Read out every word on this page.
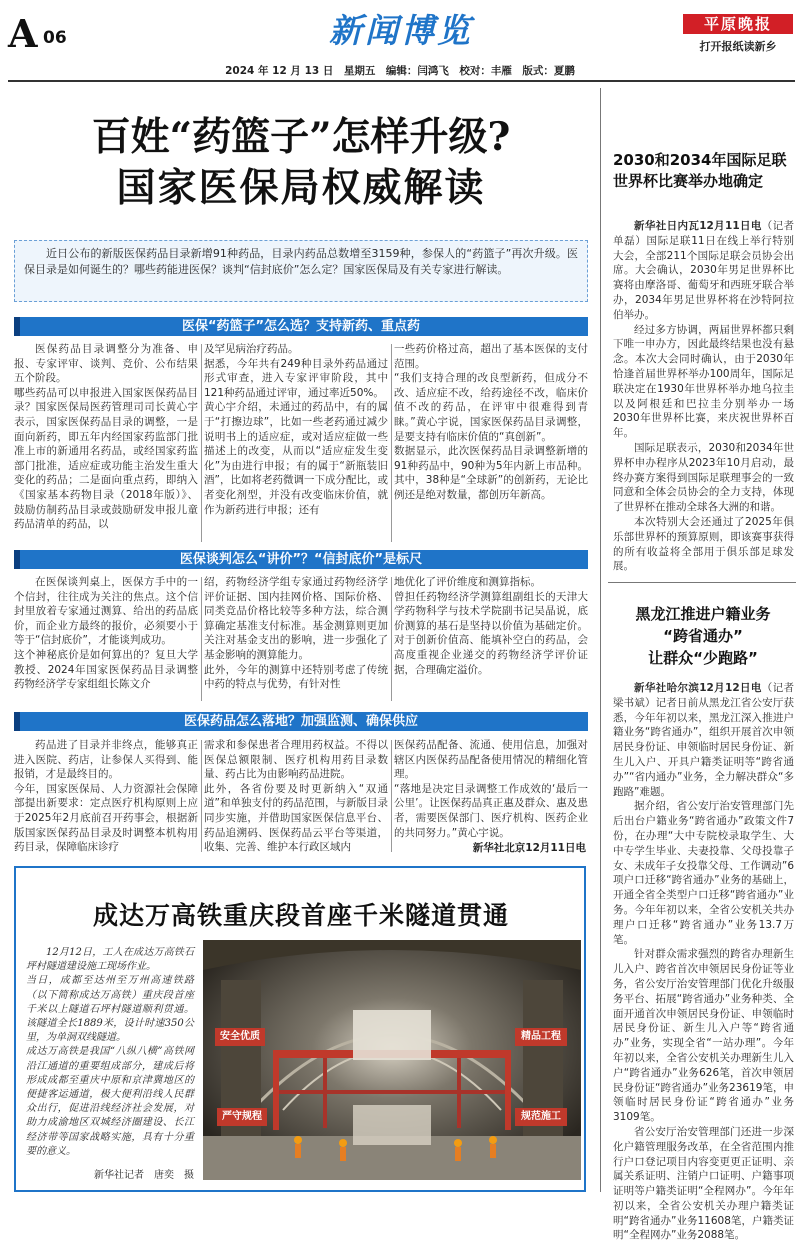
A 06	新闻博览	平原晚报
打开报纸读新乡
2024 年 12 月 13 日　星期五　编辑：闫鸿飞　校对：丰雁　版式：夏鹏
百姓“药篮子”怎样升级?
国家医保局权威解读
近日公布的新版医保药品目录新增91种药品，目录内药品总数增至3159种，参保人的“药篮子”再次升级。医保目录是如何诞生的？哪些药能进医保？谈判“信封底价”怎么定？国家医保局及有关专家进行解读。
医保“药篮子”怎么选？支持新药、重点药
医保药品目录调整分为准备、申报、专家评审、谈判、竞价、公布结果五个阶段。
哪些药品可以申报进入国家医保药品目录？国家医保局医药管理司司长黄心宇表示，国家医保药品目录的调整，一是面向新药，即五年内经国家药监部门批准上市的新通用名药品，或经国家药监部门批准，适应症或功能主治发生重大变化的药品；二是面向重点药，即纳入《国家基本药物目录（2018年版）》、鼓励仿制药品目录或鼓励研发申报儿童药品清单的药品，以
及罕见病治疗药品。
据悉，今年共有249种目录外药品通过形式审查，进入专家评审阶段，其中121种药品通过评审，通过率近50%。
黄心宇介绍，未通过的药品中，有的属于“打擦边球”，比如一些老药通过减少说明书上的适应症，或对适应症做一些描述上的改变，从而以“适应症发生变化”为由进行申报；有的属于“新瓶装旧酒”，比如将老药微调一下成分配比，或者变化剂型，并没有改变临床价值，就作为新药进行申报；还有
一些药价格过高，超出了基本医保的支付范围。
“我们支持合理的改良型新药，但成分不改、适应症不改，给药途径不改，临床价值不改的药品，在评审中很难得到青睐。”黄心宇说，国家医保药品目录调整，是要支持有临床价值的“真创新”。
数据显示，此次医保药品目录调整新增的91种药品中，90种为5年内新上市品种。其中，38种是“全球新”的创新药，无论比例还是绝对数量，都创历年新高。
医保谈判怎么“讲价”？“信封底价”是标尺
在医保谈判桌上，医保方手中的一个信封，往往成为关注的焦点。这个信封里放着专家通过测算、给出的药品底价，而企业方最终的报价，必须要小于等于“信封底价”，才能谈判成功。
这个神秘底价是如何算出的？复旦大学教授、2024年国家医保药品目录调整药物经济学专家组组长陈文介
绍，药物经济学组专家通过药物经济学评价证据、国内挂网价格、国际价格、同类竞品价格比较等多种方法，综合测算确定基准支付标准。基金测算则更加关注对基金支出的影响，进一步强化了基金影响的测算能力。
此外，今年的测算中还特别考虑了传统中药的特点与优势，有针对性
地优化了评价维度和测算指标。
曾担任药物经济学测算组副组长的天津大学药物科学与技术学院副书记吴晶说，底价测算的基石是坚持以价值为基础定价。对于创新价值高、能填补空白的药品，会高度重视企业递交的药物经济学评价证据，合理确定溢价。
医保药品怎么落地？加强监测、确保供应
药品进了目录并非终点，能够真正进入医院、药店，让参保人买得到、能报销，才是最终目的。
今年，国家医保局、人力资源社会保障部提出新要求：定点医疗机构原则上应于2025年2月底前召开药事会，根据新版国家医保药品目录及时调整本机构用药目录，保障临床诊疗
需求和参保患者合理用药权益。不得以医保总额限制、医疗机构用药目录数量、药占比为由影响药品进院。
此外，各省份要及时更新纳入“双通道”和单独支付的药品范围，与新版目录同步实施，并借助国家医保信息平台、药品追溯码、医保药品云平台等渠道，收集、完善、维护本行政区域内
医保药品配备、流通、使用信息，加强对辖区内医保药品配备使用情况的精细化管理。
“落地是决定目录调整工作成效的‘最后一公里’。让医保药品真正惠及群众、惠及患者，需要医保部门、医疗机构、医药企业的共同努力。”黄心宇说。
新华社北京12月11日电
成达万高铁重庆段首座千米隧道贯通
12月12日，工人在成达万高铁石坪村隧道建设施工现场作业。
当日，成都至达州至万州高速铁路（以下简称成达万高铁）重庆段首座千米以上隧道石坪村隧道顺利贯通。该隧道全长1889米，设计时速350公里，为单洞双线隧道。
成达万高铁是我国“八纵八横”高铁网沿江通道的重要组成部分，建成后将形成成都至重庆中原和京津冀地区的便捷客运通道，极大便利沿线人民群众出行，促进沿线经济社会发展，对助力成渝地区双城经济圈建设、长江经济带等国家战略实施，具有十分重要的意义。
新华社记者　唐奕　摄
安全优质
严守规程	规范施工
精品工程
2030和2034年国际足联世界杯比赛举办地确定

新华社日内瓦12月11日电（记者 单磊）国际足联11日在线上举行特别大会，全部211个国际足联会员协会出席。大会确认，2030年男足世界杯比赛将由摩洛哥、葡萄牙和西班牙联合举办，2034年男足世界杯将在沙特阿拉伯举办。

经过多方协调，两届世界杯都只剩下唯一申办方，因此最终结果也没有悬念。本次大会同时确认，由于2030年恰逢首届世界杯举办100周年，国际足联决定在1930年世界杯举办地乌拉圭以及阿根廷和巴拉圭分别举办一场2030年世界杯比赛，来庆祝世界杯百年。

国际足联表示，2030和2034年世界杯申办程序从2023年10月启动，最终办赛方案得到国际足联理事会的一致同意和全体会员协会的全力支持，体现了世界杯在推动全球各大洲的和谐。

本次特别大会还通过了2025年俱乐部世界杯的预算原则，即该赛事获得的所有收益将全部用于俱乐部足球发展。

黑龙江推进户籍业务
“跨省通办”
让群众“少跑路”

新华社哈尔滨12月12日电（记者 梁书斌）记者日前从黑龙江省公安厅获悉，今年年初以来，黑龙江深入推进户籍业务“跨省通办”，组织开展首次申领居民身份证、申领临时居民身份证、新生儿入户、开具户籍类证明等“跨省通办”“省内通办”业务，全力解决群众“多跑路”难题。

据介绍，省公安厅治安管理部门先后出台户籍业务“跨省通办”政策文件7份，在办理“大中专院校录取学生、大中专学生毕业、夫妻投靠、父母投靠子女、未成年子女投靠父母、工作调动”6项户口迁移“跨省通办”业务的基础上，开通全省全类型户口迁移“跨省通办”业务。今年年初以来，全省公安机关共办理户口迁移“跨省通办”业务13.7万笔。

针对群众需求强烈的跨省办理新生儿入户、跨省首次申领居民身份证等业务，省公安厅治安管理部门优化升级服务平台、拓展“跨省通办”业务种类、全面开通首次申领居民身份证、申领临时居民身份证、新生儿入户等“跨省通办”业务，实现全省“一站办理”。今年年初以来，全省公安机关办理新生儿入户“跨省通办”业务626笔，首次申领居民身份证“跨省通办”业务23619笔，申领临时居民身份证“跨省通办”业务3109笔。

省公安厅治安管理部门还进一步深化户籍管理服务改革，在全省范围内推行户口登记项目内容变更更正证明、亲属关系证明、注销户口证明、户籍事项证明等户籍类证明“全程网办”。今年年初以来，全省公安机关办理户籍类证明“跨省通办”业务11608笔，户籍类证明“全程网办”业务2088笔。
